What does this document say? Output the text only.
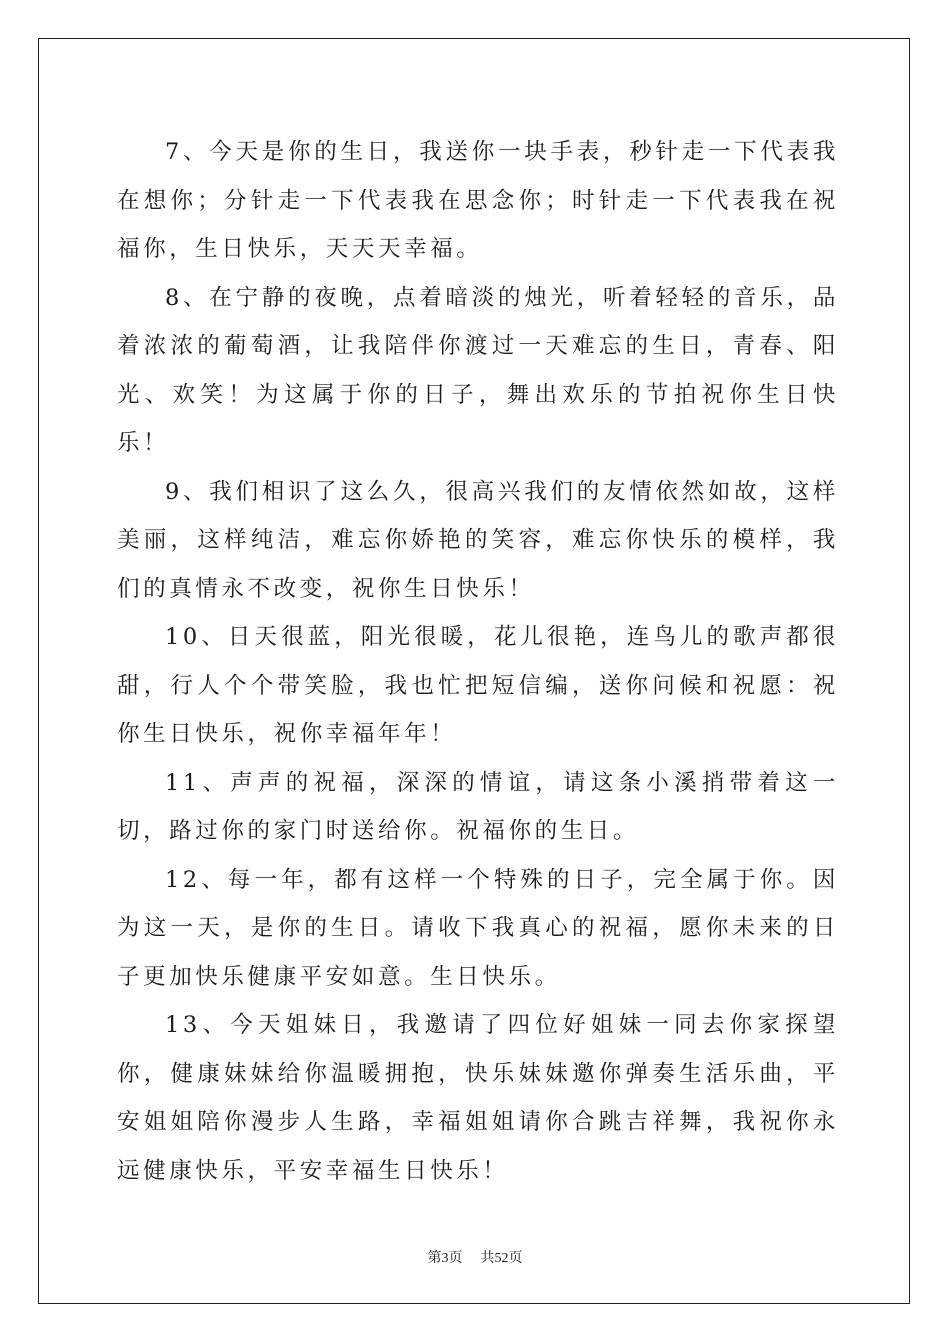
7、今天是你的生日，我送你一块手表，秒针走一下代表我在想你；分针走一下代表我在思念你；时针走一下代表我在祝福你，生日快乐，天天天幸福。

8、在宁静的夜晚，点着暗淡的烛光，听着轻轻的音乐，品着浓浓的葡萄酒，让我陪伴你渡过一天难忘的生日，青春、阳光、欢笑！为这属于你的日子，舞出欢乐的节拍祝你生日快乐！

9、我们相识了这么久，很高兴我们的友情依然如故，这样美丽，这样纯洁，难忘你娇艳的笑容，难忘你快乐的模样，我们的真情永不改变，祝你生日快乐！

10、日天很蓝，阳光很暖，花儿很艳，连鸟儿的歌声都很甜，行人个个带笑脸，我也忙把短信编，送你问候和祝愿：祝你生日快乐，祝你幸福年年！

11、声声的祝福，深深的情谊，请这条小溪捎带着这一切，路过你的家门时送给你。祝福你的生日。

12、每一年，都有这样一个特殊的日子，完全属于你。因为这一天，是你的生日。请收下我真心的祝福，愿你未来的日子更加快乐健康平安如意。生日快乐。

13、今天姐妹日，我邀请了四位好姐妹一同去你家探望你，健康妹妹给你温暖拥抱，快乐妹妹邀你弹奏生活乐曲，平安姐姐陪你漫步人生路，幸福姐姐请你合跳吉祥舞，我祝你永远健康快乐，平安幸福生日快乐！

第3页 共52页
